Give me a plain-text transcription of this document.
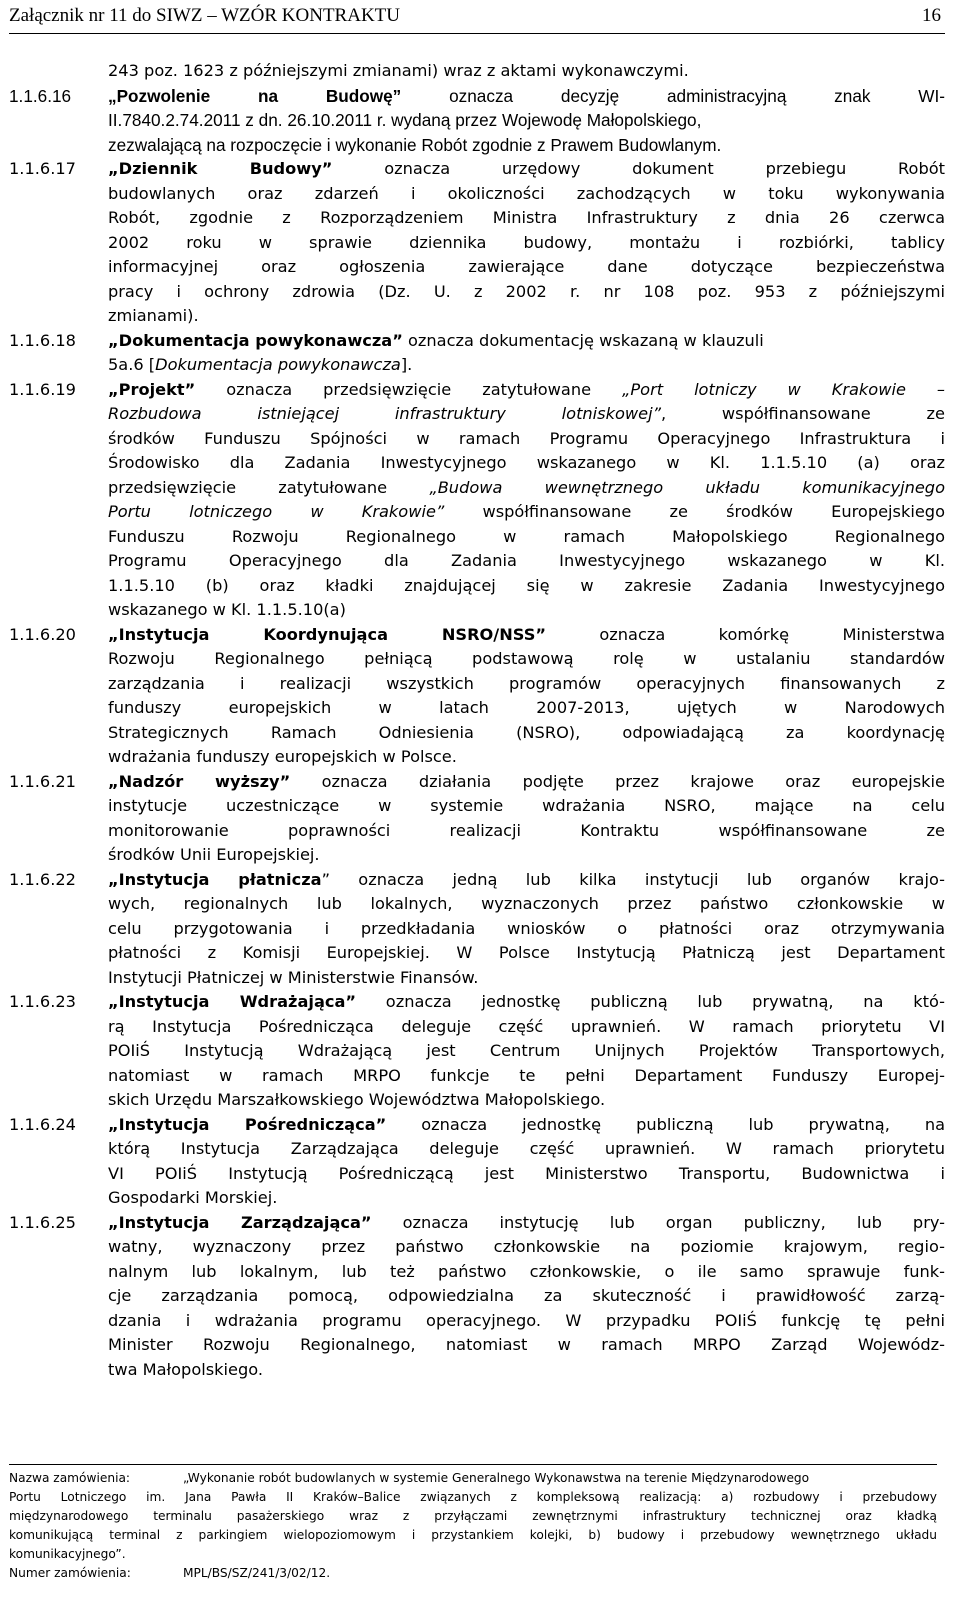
Załącznik nr 11 do SIWZ – WZÓR KONTRAKTU	16
243 poz. 1623 z późniejszymi zmianami) wraz z aktami wykonawczymi.
1.1.6.16 „Pozwolenie na Budowę” oznacza decyzję administracyjną znak WI-
II.7840.2.74.2011 z dn. 26.10.2011 r. wydaną przez Wojewodę Małopolskiego,
zezwalającą na rozpoczęcie i wykonanie Robót zgodnie z Prawem Budowlanym.
1.1.6.17 „Dziennik Budowy” oznacza urzędowy dokument przebiegu Robót
budowlanych oraz zdarzeń i okoliczności zachodzących w toku wykonywania
Robót, zgodnie z Rozporządzeniem Ministra Infrastruktury z dnia 26 czerwca
2002 roku w sprawie dziennika budowy, montażu i rozbiórki, tablicy
informacyjnej oraz ogłoszenia zawierające dane dotyczące bezpieczeństwa
pracy i ochrony zdrowia (Dz. U. z 2002 r. nr 108 poz. 953 z późniejszymi
zmianami).
1.1.6.18 „Dokumentacja powykonawcza” oznacza dokumentację wskazaną w klauzuli
5a.6 [Dokumentacja powykonawcza].
1.1.6.19 „Projekt” oznacza przedsięwzięcie zatytułowane „Port lotniczy w Krakowie –
Rozbudowa istniejącej infrastruktury lotniskowej”, współfinansowane ze
środków Funduszu Spójności w ramach Programu Operacyjnego Infrastruktura i
Środowisko dla Zadania Inwestycyjnego wskazanego w Kl. 1.1.5.10 (a) oraz
przedsięwzięcie zatytułowane „Budowa wewnętrznego układu komunikacyjnego
Portu lotniczego w Krakowie” współfinansowane ze środków Europejskiego
Funduszu Rozwoju Regionalnego w ramach Małopolskiego Regionalnego
Programu Operacyjnego dla Zadania Inwestycyjnego wskazanego w Kl.
1.1.5.10 (b) oraz kładki znajdującej się w zakresie Zadania Inwestycyjnego
wskazanego w Kl. 1.1.5.10(a)
1.1.6.20 „Instytucja Koordynująca NSRO/NSS” oznacza komórkę Ministerstwa
Rozwoju Regionalnego pełniącą podstawową rolę w ustalaniu standardów
zarządzania i realizacji wszystkich programów operacyjnych finansowanych z
funduszy europejskich w latach 2007-2013, ujętych w Narodowych
Strategicznych Ramach Odniesienia (NSRO), odpowiadającą za koordynację
wdrażania funduszy europejskich w Polsce.
1.1.6.21 „Nadzór wyższy” oznacza działania podjęte przez krajowe oraz europejskie
instytucje uczestniczące w systemie wdrażania NSRO, mające na celu
monitorowanie poprawności realizacji Kontraktu współfinansowane ze
środków Unii Europejskiej.
1.1.6.22 „Instytucja płatnicza” oznacza jedną lub kilka instytucji lub organów krajo-
wych, regionalnych lub lokalnych, wyznaczonych przez państwo członkowskie w
celu przygotowania i przedkładania wniosków o płatności oraz otrzymywania
płatności z Komisji Europejskiej. W Polsce Instytucją Płatniczą jest Departament
Instytucji Płatniczej w Ministerstwie Finansów.
1.1.6.23 „Instytucja Wdrażająca” oznacza jednostkę publiczną lub prywatną, na któ-
rą Instytucja Pośrednicząca deleguje część uprawnień. W ramach priorytetu VI
POIiŚ Instytucją Wdrażającą jest Centrum Unijnych Projektów Transportowych,
natomiast w ramach MRPO funkcje te pełni Departament Funduszy Europej-
skich Urzędu Marszałkowskiego Województwa Małopolskiego.
1.1.6.24 „Instytucja Pośrednicząca” oznacza jednostkę publiczną lub prywatną, na
którą Instytucja Zarządzająca deleguje część uprawnień. W ramach priorytetu
VI POIiŚ Instytucją Pośredniczącą jest Ministerstwo Transportu, Budownictwa i
Gospodarki Morskiej.
1.1.6.25 „Instytucja Zarządzająca” oznacza instytucję lub organ publiczny, lub pry-
watny, wyznaczony przez państwo członkowskie na poziomie krajowym, regio-
nalnym lub lokalnym, lub też państwo członkowskie, o ile samo sprawuje funk-
cje zarządzania pomocą, odpowiedzialna za skuteczność i prawidłowość zarzą-
dzania i wdrażania programu operacyjnego. W przypadku POIiŚ funkcję tę pełni
Minister Rozwoju Regionalnego, natomiast w ramach MRPO Zarząd Wojewódz-
twa Małopolskiego.
Nazwa zamówienia:	„Wykonanie robót budowlanych w systemie Generalnego Wykonawstwa na terenie Międzynarodowego
Portu Lotniczego im. Jana Pawła II Kraków–Balice związanych z kompleksową realizacją: a) rozbudowy i przebudowy
międzynarodowego terminalu pasażerskiego wraz z przyłączami zewnętrznymi infrastruktury technicznej oraz kładką
komunikującą terminal z parkingiem wielopoziomowym i przystankiem kolejki, b) budowy i przebudowy wewnętrznego układu
komunikacyjnego”.
Numer zamówienia:	MPL/BS/SZ/241/3/02/12.
